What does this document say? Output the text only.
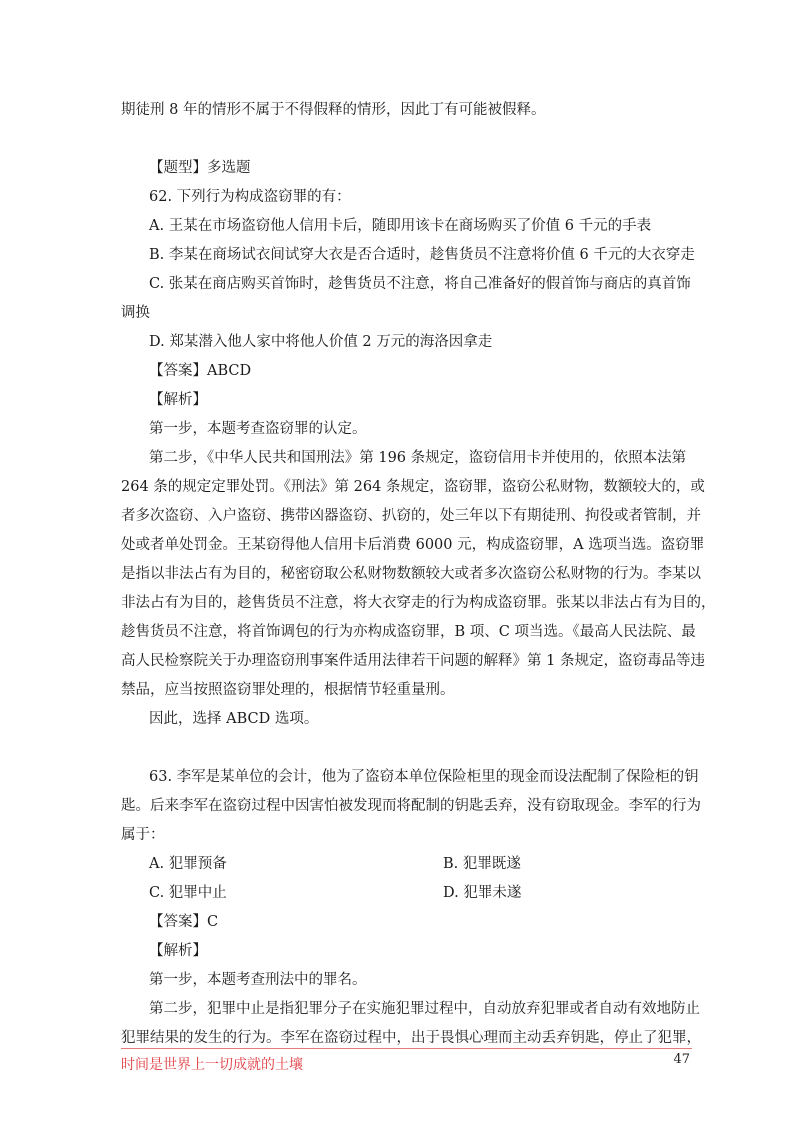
期徒刑 8 年的情形不属于不得假释的情形，因此丁有可能被假释。
【题型】多选题
62. 下列行为构成盗窃罪的有：
A. 王某在市场盗窃他人信用卡后，随即用该卡在商场购买了价值 6 千元的手表
B. 李某在商场试衣间试穿大衣是否合适时，趁售货员不注意将价值 6 千元的大衣穿走
C. 张某在商店购买首饰时，趁售货员不注意，将自己准备好的假首饰与商店的真首饰
调换
D. 郑某潜入他人家中将他人价值 2 万元的海洛因拿走
【答案】ABCD
【解析】
第一步，本题考查盗窃罪的认定。
第二步，《中华人民共和国刑法》第 196 条规定，盗窃信用卡并使用的，依照本法第
264 条的规定定罪处罚。《刑法》第 264 条规定，盗窃罪，盗窃公私财物，数额较大的，或
者多次盗窃、入户盗窃、携带凶器盗窃、扒窃的，处三年以下有期徒刑、拘役或者管制，并
处或者单处罚金。王某窃得他人信用卡后消费 6000 元，构成盗窃罪，A 选项当选。盗窃罪
是指以非法占有为目的，秘密窃取公私财物数额较大或者多次盗窃公私财物的行为。李某以
非法占有为目的，趁售货员不注意，将大衣穿走的行为构成盗窃罪。张某以非法占有为目的，
趁售货员不注意，将首饰调包的行为亦构成盗窃罪，B 项、C 项当选。《最高人民法院、最
高人民检察院关于办理盗窃刑事案件适用法律若干问题的解释》第 1 条规定，盗窃毒品等违
禁品，应当按照盗窃罪处理的，根据情节轻重量刑。
因此，选择 ABCD 选项。
63. 李军是某单位的会计，他为了盗窃本单位保险柜里的现金而设法配制了保险柜的钥
匙。后来李军在盗窃过程中因害怕被发现而将配制的钥匙丢弃，没有窃取现金。李军的行为
属于：
A. 犯罪预备	B. 犯罪既遂
C. 犯罪中止	D. 犯罪未遂
【答案】C
【解析】
第一步，本题考查刑法中的罪名。
第二步，犯罪中止是指犯罪分子在实施犯罪过程中，自动放弃犯罪或者自动有效地防止
犯罪结果的发生的行为。李军在盗窃过程中，出于畏惧心理而主动丢弃钥匙，停止了犯罪，
时间是世界上一切成就的土壤	47
